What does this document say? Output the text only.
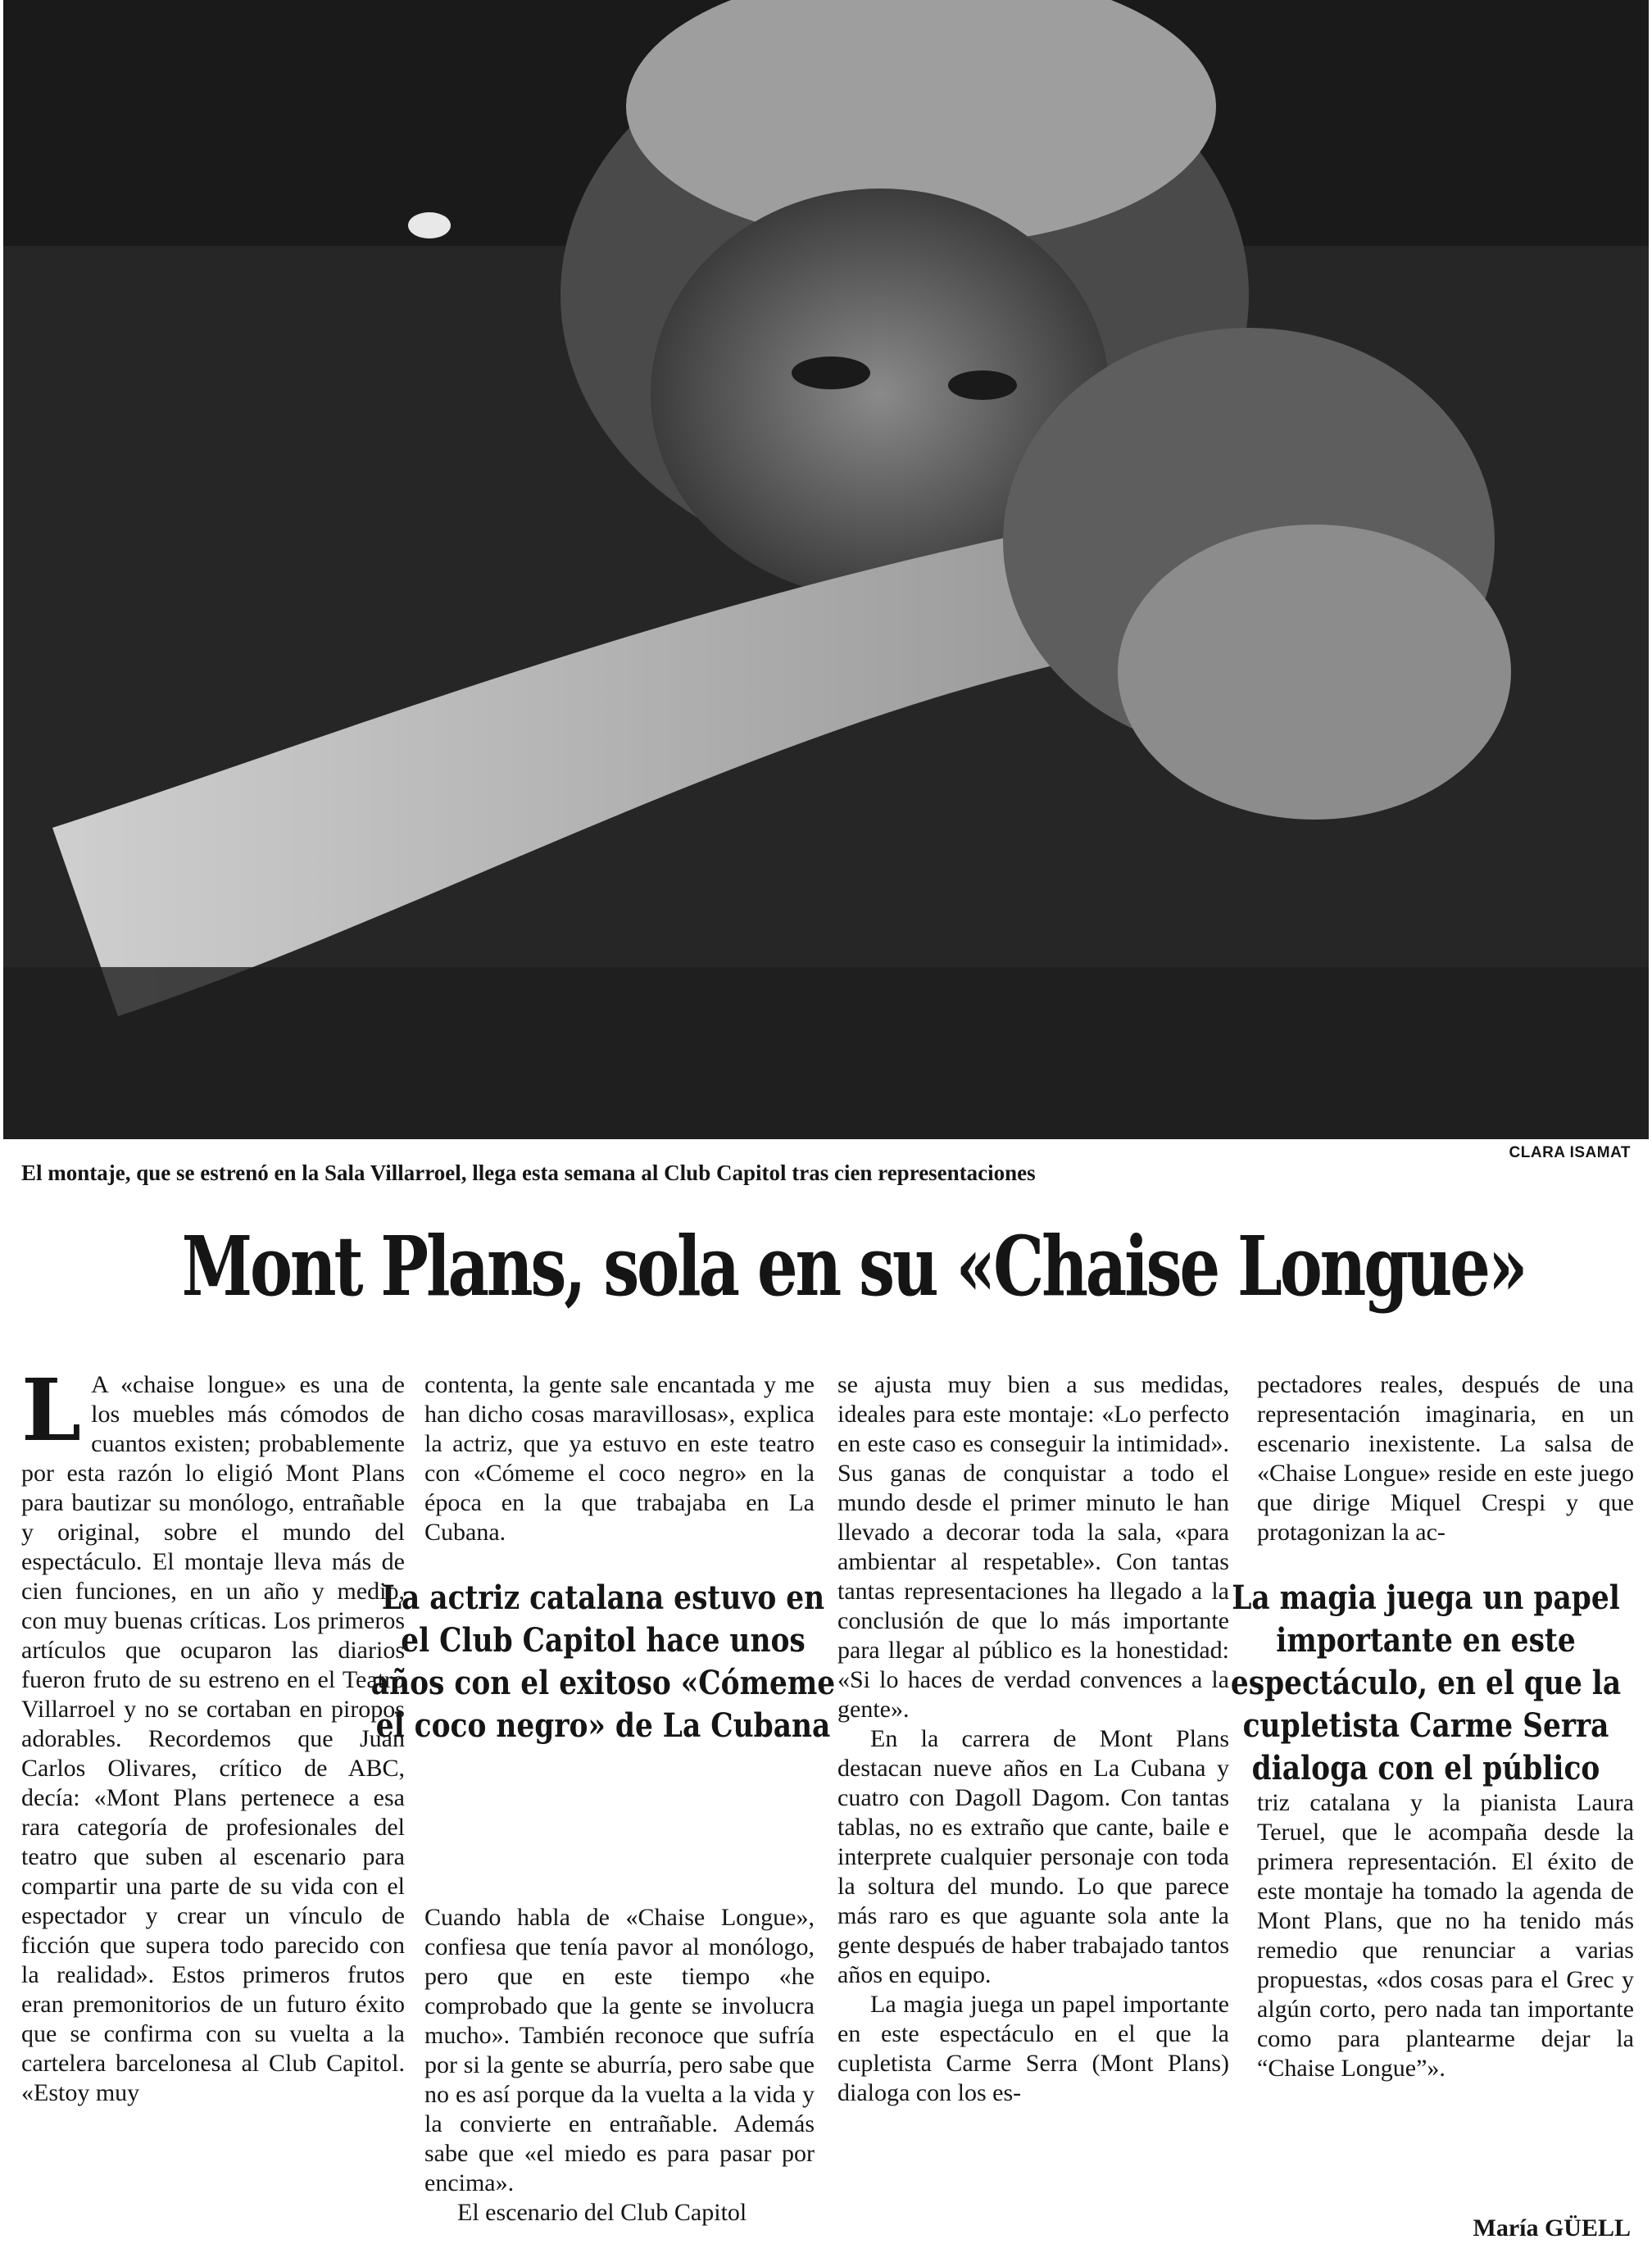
CLARA ISAMAT
El montaje, que se estrenó en la Sala Villarroel, llega esta semana al Club Capitol tras cien representaciones
Mont Plans, sola en su «Chaise Longue»
L A «chaise longue» es una de los muebles más cómodos de cuantos existen; probablemente por esta razón lo eligió Mont Plans para bautizar su monólogo, entrañable y original, sobre el mundo del espectáculo. El montaje lleva más de cien funciones, en un año y medio, con muy buenas críticas. Los primeros artículos que ocuparon las diarios fueron fruto de su estreno en el Teatro Villarroel y no se cortaban en piropos adorables. Recordemos que Juan Carlos Olivares, crítico de ABC, decía: «Mont Plans pertenece a esa rara categoría de profesionales del teatro que suben al escenario para compartir una parte de su vida con el espectador y crear un vínculo de ficción que supera todo parecido con la realidad». Estos primeros frutos eran premonitorios de un futuro éxito que se confirma con su vuelta a la cartelera barcelonesa al Club Capitol. «Estoy muy

contenta, la gente sale encantada y me han dicho cosas maravillosas», explica la actriz, que ya estuvo en este teatro con «Cómeme el coco negro» en la época en la que trabajaba en La Cubana.

Cuando habla de «Chaise Longue», confiesa que tenía pavor al monólogo, pero que en este tiempo «he comprobado que la gente se involucra mucho». También reconoce que sufría por si la gente se aburría, pero sabe que no es así porque da la vuelta a la vida y la convierte en entrañable. Además sabe que «el miedo es para pasar por encima».

El escenario del Club Capitol

se ajusta muy bien a sus medidas, ideales para este montaje: «Lo perfecto en este caso es conseguir la intimidad». Sus ganas de conquistar a todo el mundo desde el primer minuto le han llevado a decorar toda la sala, «para ambientar al respetable». Con tantas tantas representaciones ha llegado a la conclusión de que lo más importante para llegar al público es la honestidad: «Si lo haces de verdad convences a la gente».

En la carrera de Mont Plans destacan nueve años en La Cubana y cuatro con Dagoll Dagom. Con tantas tablas, no es extraño que cante, baile e interprete cualquier personaje con toda la soltura del mundo. Lo que parece más raro es que aguante sola ante la gente después de haber trabajado tantos años en equipo.

La magia juega un papel importante en este espectáculo en el que la cupletista Carme Serra (Mont Plans) dialoga con los es-

pectadores reales, después de una representación imaginaria, en un escenario inexistente. La salsa de «Chaise Longue» reside en este juego que dirige Miquel Crespi y que protagonizan la ac-

triz catalana y la pianista Laura Teruel, que le acompaña desde la primera representación. El éxito de este montaje ha tomado la agenda de Mont Plans, que no ha tenido más remedio que renunciar a varias propuestas, «dos cosas para el Grec y algún corto, pero nada tan importante como para plantearme dejar la “Chaise Longue”».

La actriz catalana estuvo en el Club Capitol hace unos años con el exitoso «Cómeme el coco negro» de La Cubana
La magia juega un papel importante en este espectáculo, en el que la cupletista Carme Serra dialoga con el público
María GÜELL
